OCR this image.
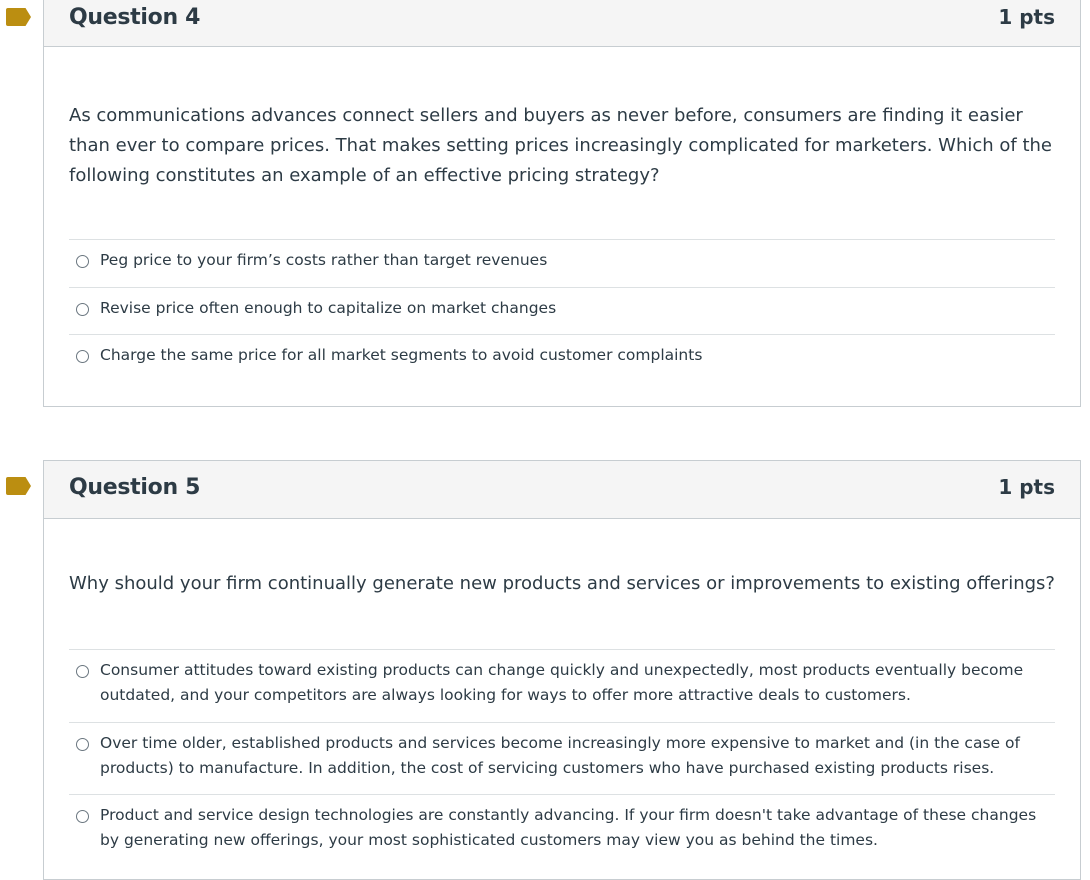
Question 4	1 pts
As communications advances connect sellers and buyers as never before, consumers are finding it easier than ever to compare prices. That makes setting prices increasingly complicated for marketers. Which of the following constitutes an example of an effective pricing strategy?
Peg price to your firm’s costs rather than target revenues
Revise price often enough to capitalize on market changes
Charge the same price for all market segments to avoid customer complaints
Question 5	1 pts
Why should your firm continually generate new products and services or improvements to existing offerings?
Consumer attitudes toward existing products can change quickly and unexpectedly, most products eventually become outdated, and your competitors are always looking for ways to offer more attractive deals to customers.
Over time older, established products and services become increasingly more expensive to market and (in the case of products) to manufacture. In addition, the cost of servicing customers who have purchased existing products rises.
Product and service design technologies are constantly advancing. If your firm doesn't take advantage of these changes by generating new offerings, your most sophisticated customers may view you as behind the times.
